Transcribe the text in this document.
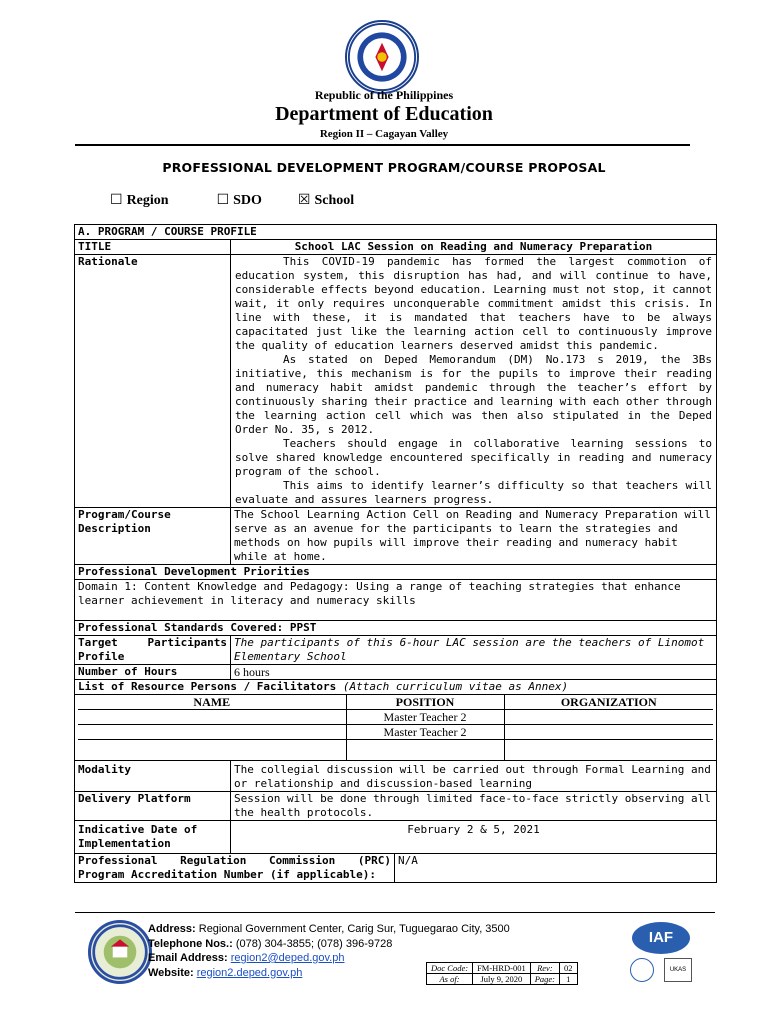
Republic of the Philippines
Department of Education
Region II – Cagayan Valley
PROFESSIONAL DEVELOPMENT PROGRAM/COURSE PROPOSAL
☐ Region	☐ SDO	☒ School
A. PROGRAM / COURSE PROFILE
TITLE	School LAC Session on Reading and Numeracy Preparation
Rationale	This COVID-19 pandemic has formed the largest commotion of education system, this disruption has had, and will continue to have, considerable effects beyond education. Learning must not stop, it cannot wait, it only requires unconquerable commitment amidst this crisis. In line with these, it is mandated that teachers have to be always capacitated just like the learning action cell to continuously improve the quality of education learners deserved amidst this pandemic.
As stated on Deped Memorandum (DM) No.173 s 2019, the 3Bs initiative, this mechanism is for the pupils to improve their reading and numeracy habit amidst pandemic through the teacher’s effort by continuously sharing their practice and learning with each other through the learning action cell which was then also stipulated in the Deped Order No. 35, s 2012.
Teachers should engage in collaborative learning sessions to solve shared knowledge encountered specifically in reading and numeracy program of the school.
This aims to identify learner’s difficulty so that teachers will evaluate and assures learners progress.

Program/Course Description	The School Learning Action Cell on Reading and Numeracy Preparation will serve as an avenue for the participants to learn the strategies and methods on how pupils will improve their reading and numeracy habit while at home.
Professional Development Priorities
Domain 1: Content Knowledge and Pedagogy: Using a range of teaching strategies that enhance learner achievement in literacy and numeracy skills
Professional Standards Covered: PPST
Target Participants Profile	The participants of this 6-hour LAC session are the teachers of Linomot Elementary School
Number of Hours	6 hours
List of Resource Persons / Facilitators (Attach curriculum vitae as Annex)

NAME	POSITION	ORGANIZATION
	Master Teacher 2	
	Master Teacher 2	

Modality	The collegial discussion will be carried out through Formal Learning and or relationship and discussion-based learning
Delivery Platform	Session will be done through limited face-to-face strictly observing all the health protocols.
Indicative Date of Implementation	February 2 & 5, 2021
Professional Regulation Commission (PRC) Program Accreditation Number (if applicable):	N/A
Address: Regional Government Center, Carig Sur, Tuguegarao City, 3500
Telephone Nos.: (078) 304-3855; (078) 396-9728
Email Address: region2@deped.gov.ph
Website: region2.deped.gov.ph
IAF
UKAS
Doc Code:	FM-HRD-001	Rev:	02
As of:	July 9, 2020	Page:	1
